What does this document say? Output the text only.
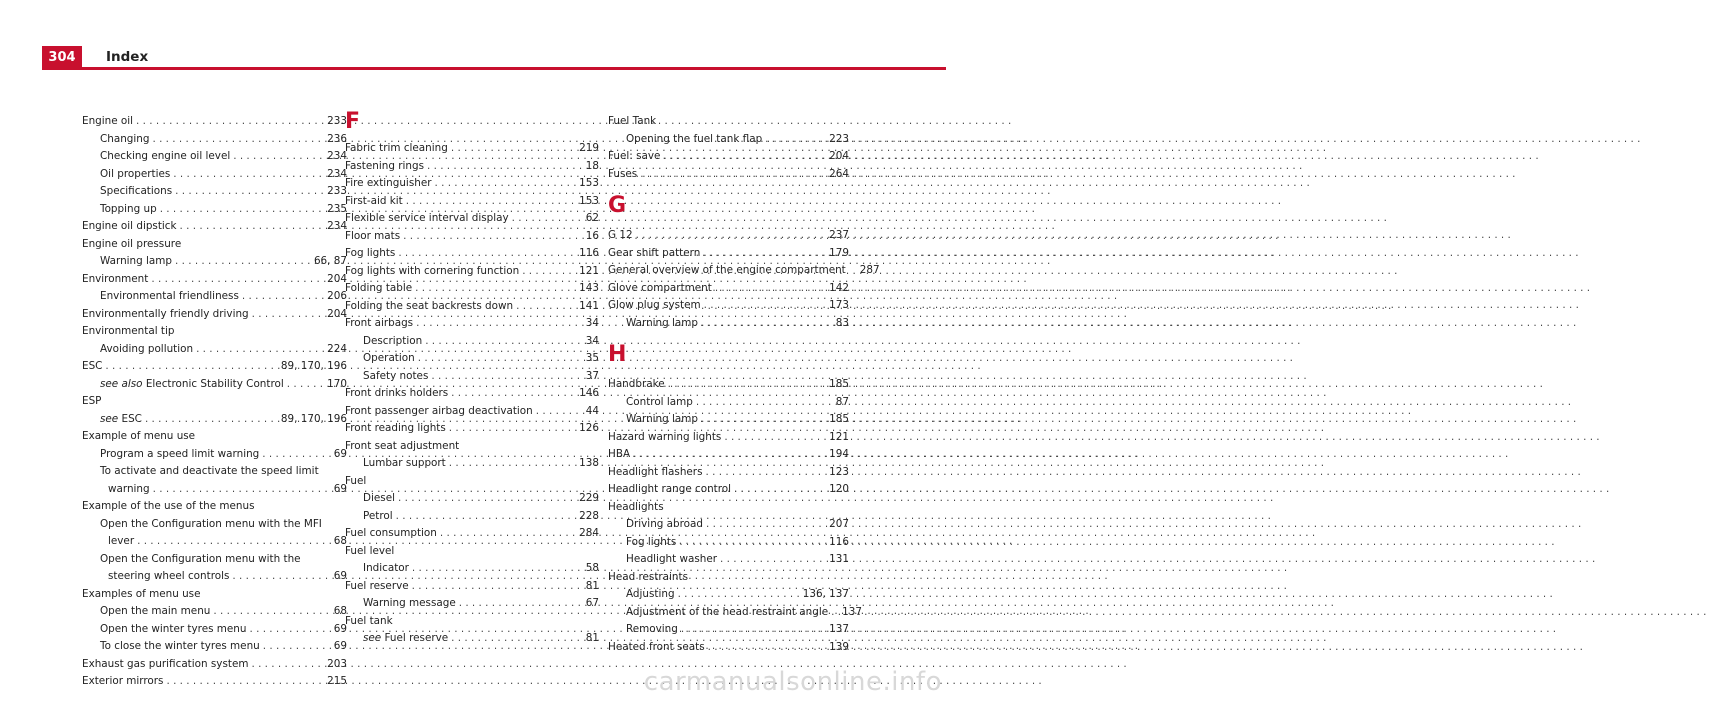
304	Index
Engine oil . . .	233
Changing . . .	236
Checking engine oil level . . .	234
Oil properties . . .	234
Specifications . . .	233
Topping up . . .	235
Engine oil dipstick . . .	234
Engine oil pressure
Warning lamp . . .	66, 87
Environment . . .	204
Environmental friendliness . . .	206
Environmentally friendly driving . . .	204
Environmental tip
Avoiding pollution . . .	224
ESC . . .	89, 170, 196
see also Electronic Stability Control . . .	170
ESP
see ESC . . .	89, 170, 196
Example of menu use
Program a speed limit warning . . .	69
To activate and deactivate the speed limit
warning . . .	69
Example of the use of the menus
Open the Configuration menu with the MFI
lever . . .	68
Open the Configuration menu with the
steering wheel controls . . .	69
Examples of menu use
Open the main menu . . .	68
Open the winter tyres menu . . .	69
To close the winter tyres menu . . .	69
Exhaust gas purification system . . .	203
Exterior mirrors . . .	215
F
Fabric trim cleaning . . .	219
Fastening rings . . .	18
Fire extinguisher . . .	153
First-aid kit . . .	153
Flexible service interval display . . .	62
Floor mats . . .	16
Fog lights . . .	116
Fog lights with cornering function . . .	121
Folding table . . .	143
Folding the seat backrests down . . .	141
Front airbags . . .	34
Description . . .	34
Operation . . .	35
Safety notes . . .	37
Front drinks holders . . .	146
Front passenger airbag deactivation . . .	44
Front reading lights . . .	126
Front seat adjustment
Lumbar support . . .	138
Fuel
Diesel . . .	229
Petrol . . .	228
Fuel consumption . . .	284
Fuel level
Indicator . . .	58
Fuel reserve . . .	81
Warning message . . .	67
Fuel tank
see Fuel reserve . . .	81
Fuel Tank
Opening the fuel tank flap . . .	223
Fuel: save . . .	204
Fuses . . .	264
G
G 12 . . .	237
Gear shift pattern . . .	179
General overview of the engine compartment 287
Glove compartment . . .	142
Glow plug system . . .	173
Warning lamp . . .	83
H
Handbrake . . .	185
Control lamp . . .	87
Warning lamp . . .	185
Hazard warning lights . . .	121
HBA . . .	194
Headlight flashers . . .	123
Headlight range control . . .	120
Headlights
Driving abroad . . .	207
Fog lights . . .	116
Headlight washer . . .	131
Head restraints
Adjusting . . .	136, 137
Adjustment of the head restraint angle . . . 137
Removing . . .	137
Heated front seats . . .	139
carmanualsonline.info
